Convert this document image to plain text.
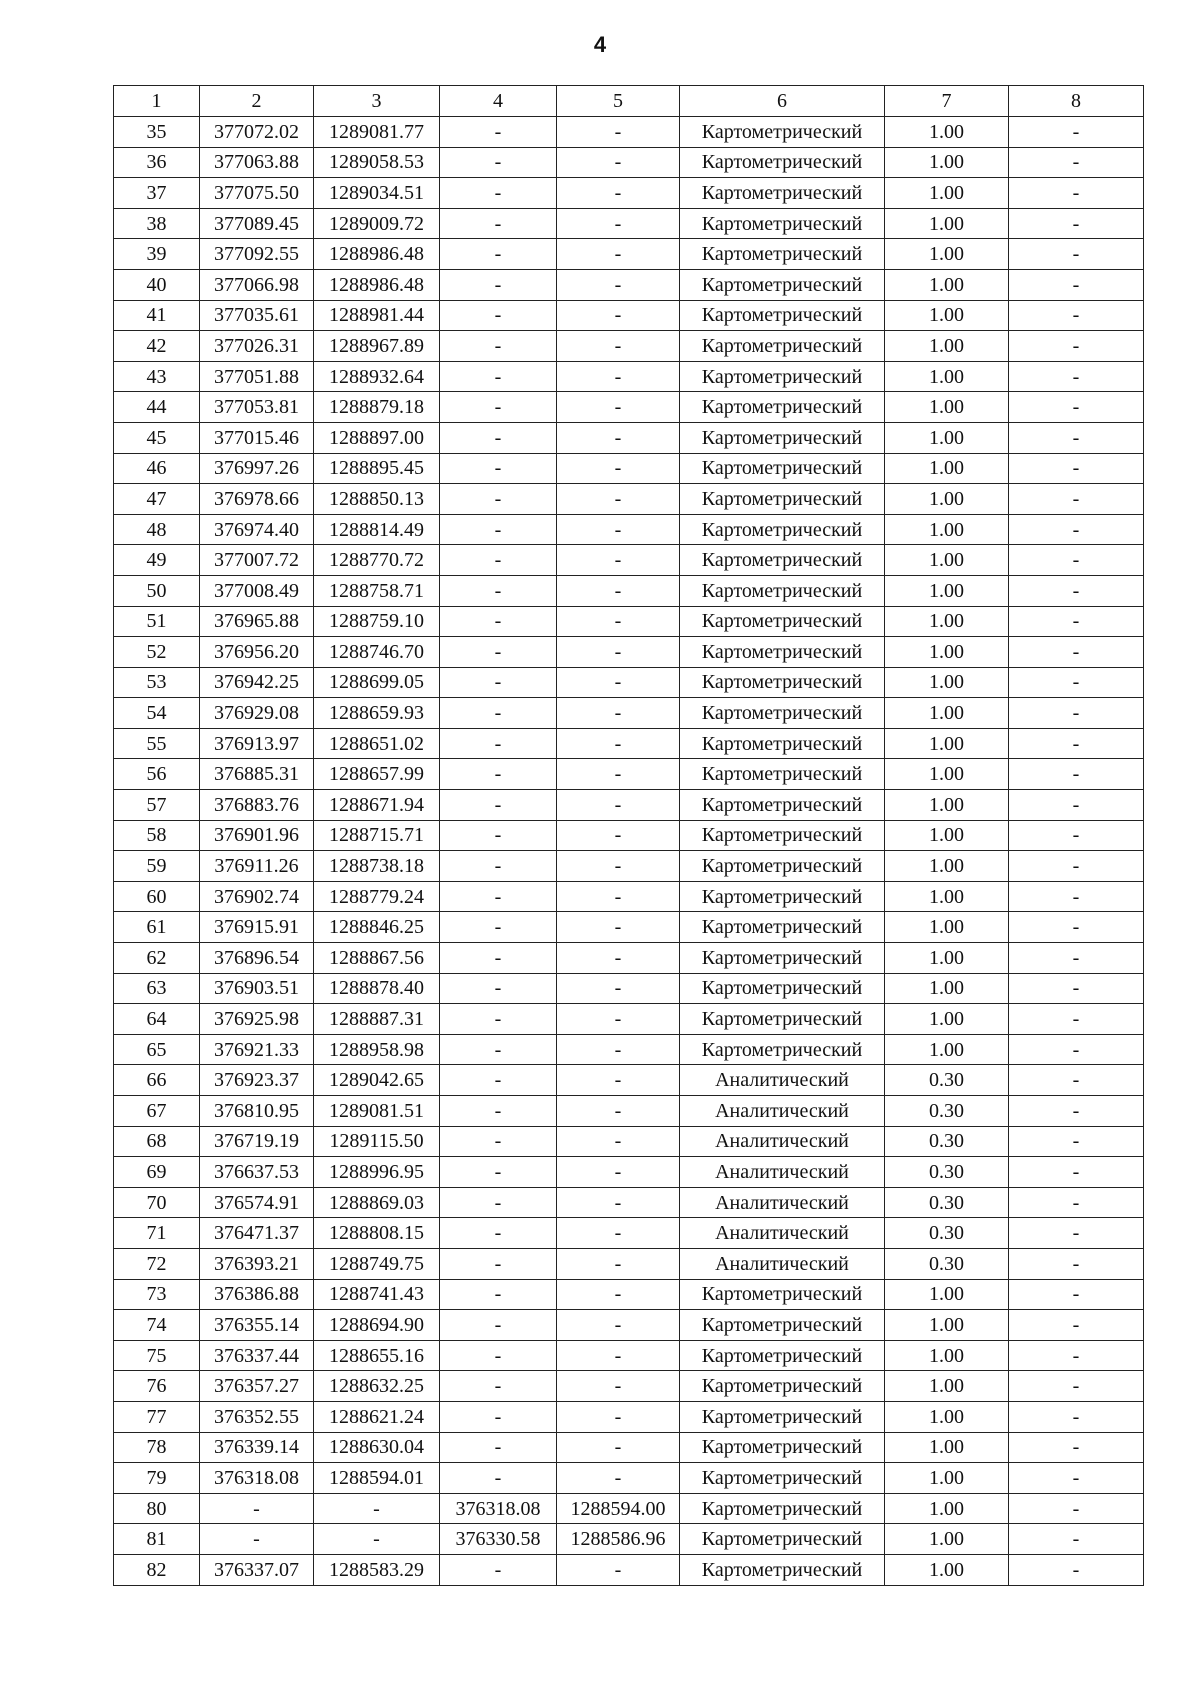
4
1	2	3	4	5	6	7	8
35	377072.02	1289081.77	-	-	Картометрический	1.00	-
36	377063.88	1289058.53	-	-	Картометрический	1.00	-
37	377075.50	1289034.51	-	-	Картометрический	1.00	-
38	377089.45	1289009.72	-	-	Картометрический	1.00	-
39	377092.55	1288986.48	-	-	Картометрический	1.00	-
40	377066.98	1288986.48	-	-	Картометрический	1.00	-
41	377035.61	1288981.44	-	-	Картометрический	1.00	-
42	377026.31	1288967.89	-	-	Картометрический	1.00	-
43	377051.88	1288932.64	-	-	Картометрический	1.00	-
44	377053.81	1288879.18	-	-	Картометрический	1.00	-
45	377015.46	1288897.00	-	-	Картометрический	1.00	-
46	376997.26	1288895.45	-	-	Картометрический	1.00	-
47	376978.66	1288850.13	-	-	Картометрический	1.00	-
48	376974.40	1288814.49	-	-	Картометрический	1.00	-
49	377007.72	1288770.72	-	-	Картометрический	1.00	-
50	377008.49	1288758.71	-	-	Картометрический	1.00	-
51	376965.88	1288759.10	-	-	Картометрический	1.00	-
52	376956.20	1288746.70	-	-	Картометрический	1.00	-
53	376942.25	1288699.05	-	-	Картометрический	1.00	-
54	376929.08	1288659.93	-	-	Картометрический	1.00	-
55	376913.97	1288651.02	-	-	Картометрический	1.00	-
56	376885.31	1288657.99	-	-	Картометрический	1.00	-
57	376883.76	1288671.94	-	-	Картометрический	1.00	-
58	376901.96	1288715.71	-	-	Картометрический	1.00	-
59	376911.26	1288738.18	-	-	Картометрический	1.00	-
60	376902.74	1288779.24	-	-	Картометрический	1.00	-
61	376915.91	1288846.25	-	-	Картометрический	1.00	-
62	376896.54	1288867.56	-	-	Картометрический	1.00	-
63	376903.51	1288878.40	-	-	Картометрический	1.00	-
64	376925.98	1288887.31	-	-	Картометрический	1.00	-
65	376921.33	1288958.98	-	-	Картометрический	1.00	-
66	376923.37	1289042.65	-	-	Аналитический	0.30	-
67	376810.95	1289081.51	-	-	Аналитический	0.30	-
68	376719.19	1289115.50	-	-	Аналитический	0.30	-
69	376637.53	1288996.95	-	-	Аналитический	0.30	-
70	376574.91	1288869.03	-	-	Аналитический	0.30	-
71	376471.37	1288808.15	-	-	Аналитический	0.30	-
72	376393.21	1288749.75	-	-	Аналитический	0.30	-
73	376386.88	1288741.43	-	-	Картометрический	1.00	-
74	376355.14	1288694.90	-	-	Картометрический	1.00	-
75	376337.44	1288655.16	-	-	Картометрический	1.00	-
76	376357.27	1288632.25	-	-	Картометрический	1.00	-
77	376352.55	1288621.24	-	-	Картометрический	1.00	-
78	376339.14	1288630.04	-	-	Картометрический	1.00	-
79	376318.08	1288594.01	-	-	Картометрический	1.00	-
80	-	-	376318.08	1288594.00	Картометрический	1.00	-
81	-	-	376330.58	1288586.96	Картометрический	1.00	-
82	376337.07	1288583.29	-	-	Картометрический	1.00	-
